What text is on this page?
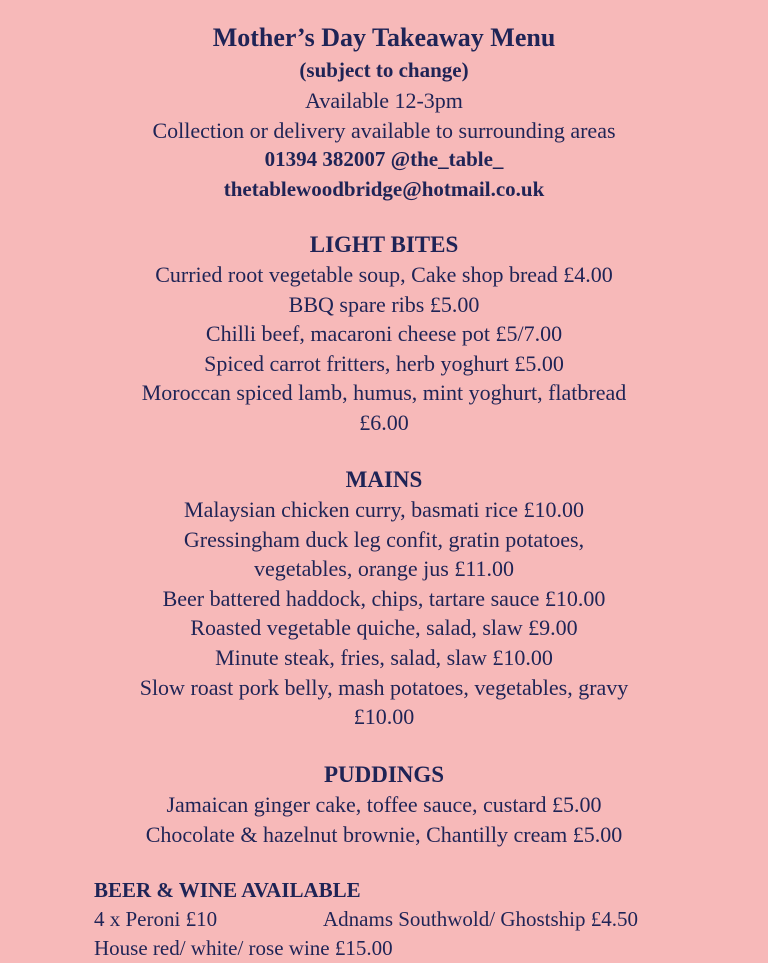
Mother’s Day Takeaway Menu
(subject to change)
Available 12-3pm
Collection or delivery available to surrounding areas
01394 382007 @the_table_
thetablewoodbridge@hotmail.co.uk
LIGHT BITES
Curried root vegetable soup, Cake shop bread £4.00
BBQ spare ribs £5.00
Chilli beef, macaroni cheese pot £5/7.00
Spiced carrot fritters, herb yoghurt £5.00
Moroccan spiced lamb, humus, mint yoghurt, flatbread
£6.00
MAINS
Malaysian chicken curry, basmati rice £10.00
Gressingham duck leg confit, gratin potatoes,
vegetables, orange jus £11.00
Beer battered haddock, chips, tartare sauce £10.00
Roasted vegetable quiche, salad, slaw £9.00
Minute steak, fries, salad, slaw £10.00
Slow roast pork belly, mash potatoes, vegetables, gravy
£10.00
PUDDINGS
Jamaican ginger cake, toffee sauce, custard £5.00
Chocolate & hazelnut brownie, Chantilly cream £5.00
BEER & WINE AVAILABLE
4 x Peroni £10	Adnams Southwold/ Ghostship £4.50
House red/ white/ rose wine £15.00
